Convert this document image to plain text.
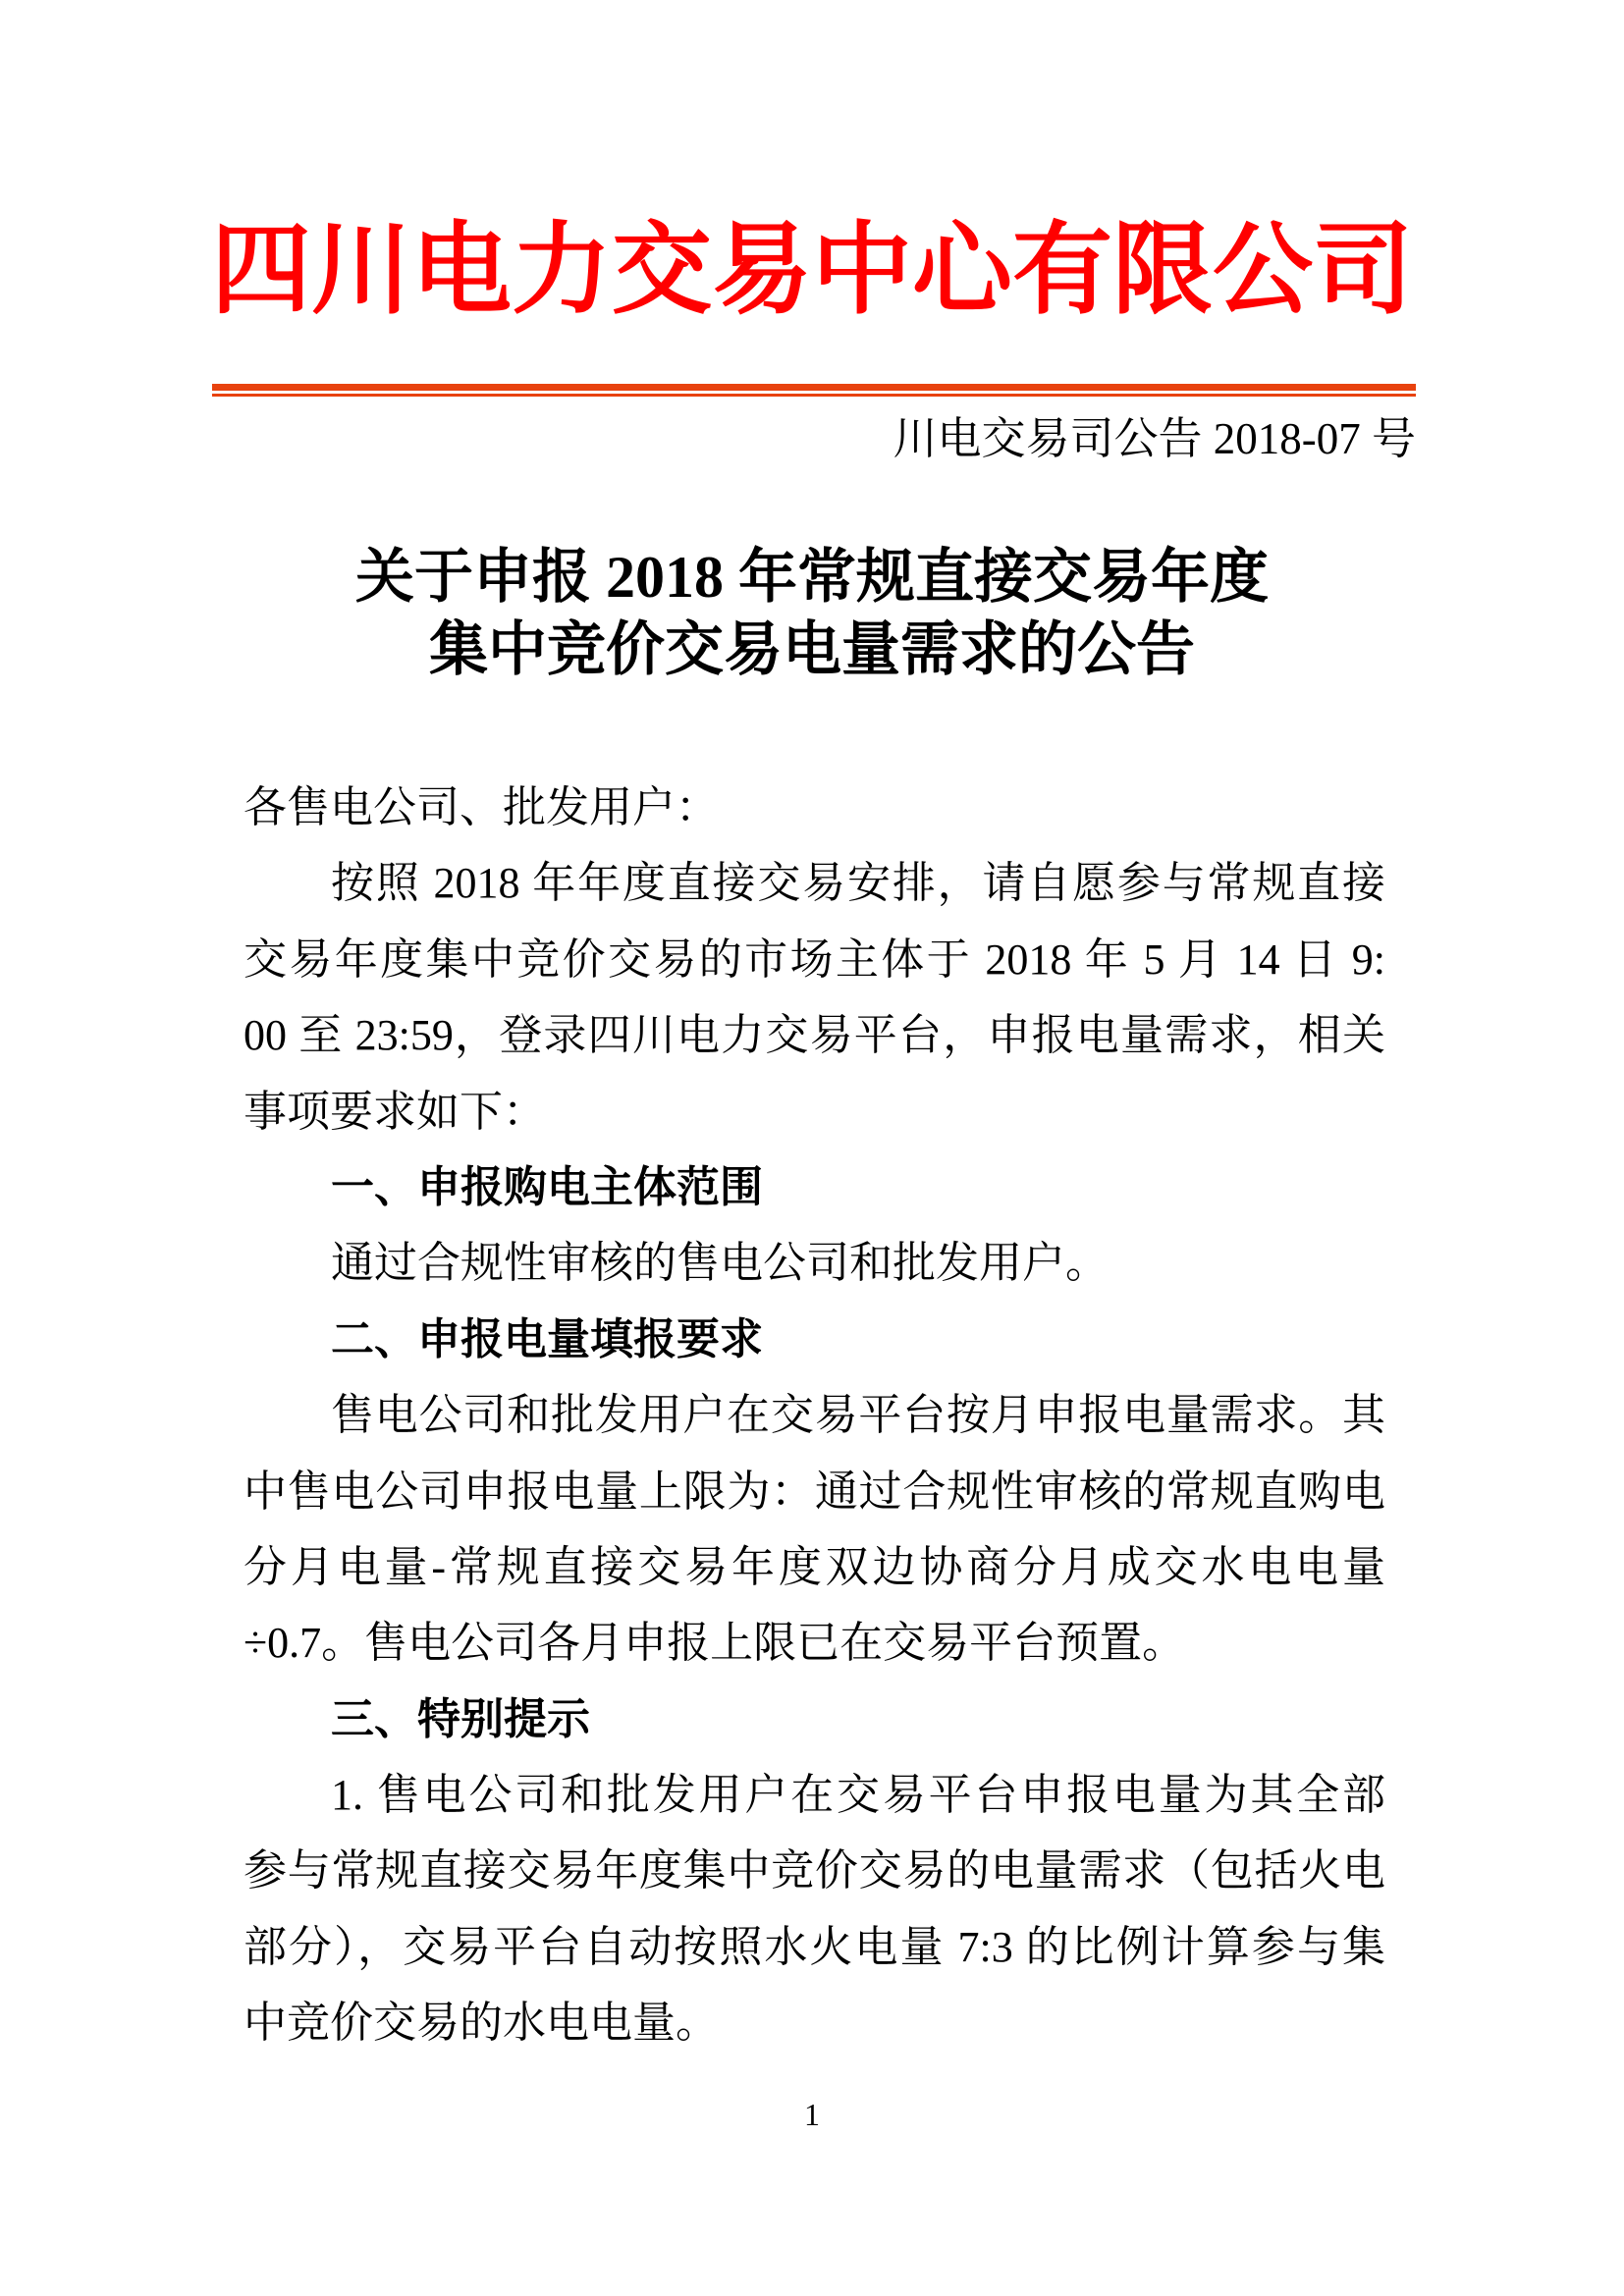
四川电力交易中心有限公司
川电交易司公告 2018-07 号
关于申报 2018 年常规直接交易年度
集中竞价交易电量需求的公告
各售电公司、批发用户：
按照 2018 年年度直接交易安排，请自愿参与常规直接
交易年度集中竞价交易的市场主体于 2018 年 5 月 14 日 9:
00 至 23:59，登录四川电力交易平台，申报电量需求，相关
事项要求如下：
一、申报购电主体范围
通过合规性审核的售电公司和批发用户。
二、申报电量填报要求
售电公司和批发用户在交易平台按月申报电量需求。其
中售电公司申报电量上限为：通过合规性审核的常规直购电
分月电量-常规直接交易年度双边协商分月成交水电电量
÷0.7。售电公司各月申报上限已在交易平台预置。
三、特别提示
1. 售电公司和批发用户在交易平台申报电量为其全部
参与常规直接交易年度集中竞价交易的电量需求（包括火电
部分），交易平台自动按照水火电量 7:3 的比例计算参与集
中竞价交易的水电电量。
1
